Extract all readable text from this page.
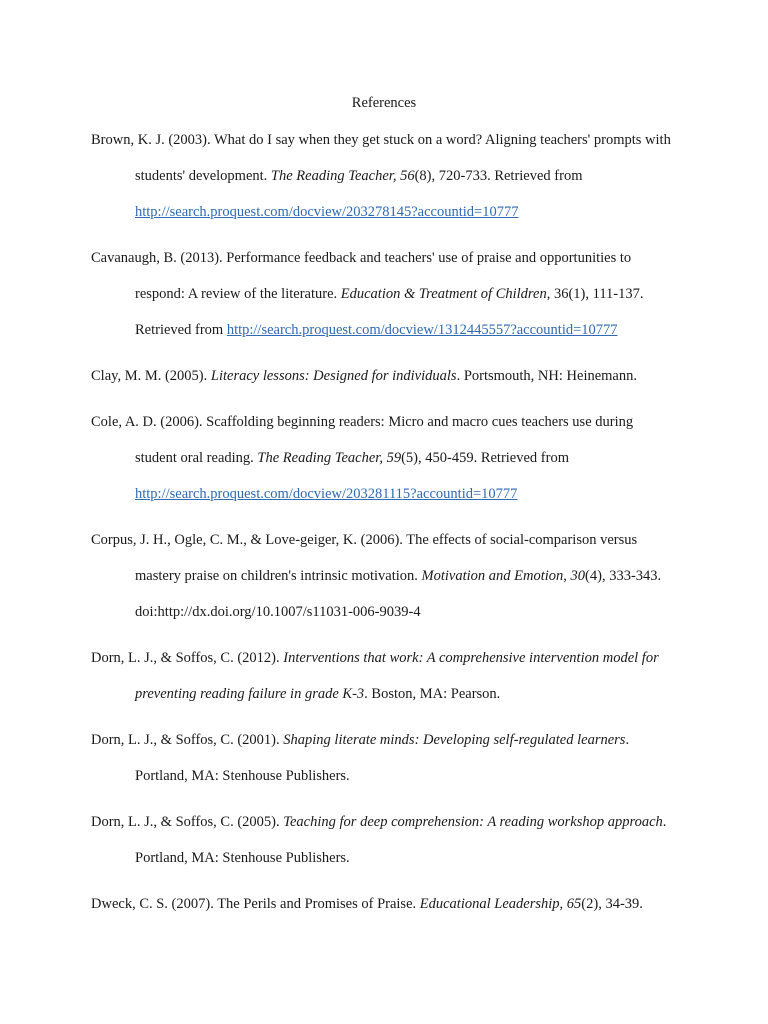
References
Brown, K. J. (2003). What do I say when they get stuck on a word? Aligning teachers' prompts with students' development. The Reading Teacher, 56(8), 720-733. Retrieved from http://search.proquest.com/docview/203278145?accountid=10777
Cavanaugh, B. (2013). Performance feedback and teachers' use of praise and opportunities to respond: A review of the literature. Education & Treatment of Children, 36(1), 111-137. Retrieved from http://search.proquest.com/docview/1312445557?accountid=10777
Clay, M. M. (2005). Literacy lessons: Designed for individuals. Portsmouth, NH: Heinemann.
Cole, A. D. (2006). Scaffolding beginning readers: Micro and macro cues teachers use during student oral reading. The Reading Teacher, 59(5), 450-459. Retrieved from http://search.proquest.com/docview/203281115?accountid=10777
Corpus, J. H., Ogle, C. M., & Love-geiger, K. (2006). The effects of social-comparison versus mastery praise on children's intrinsic motivation. Motivation and Emotion, 30(4), 333-343. doi:http://dx.doi.org/10.1007/s11031-006-9039-4
Dorn, L. J., & Soffos, C. (2012). Interventions that work: A comprehensive intervention model for preventing reading failure in grade K-3. Boston, MA: Pearson.
Dorn, L. J., & Soffos, C. (2001). Shaping literate minds: Developing self-regulated learners. Portland, MA: Stenhouse Publishers.
Dorn, L. J., & Soffos, C. (2005). Teaching for deep comprehension: A reading workshop approach. Portland, MA: Stenhouse Publishers.
Dweck, C. S. (2007). The Perils and Promises of Praise. Educational Leadership, 65(2), 34-39.
